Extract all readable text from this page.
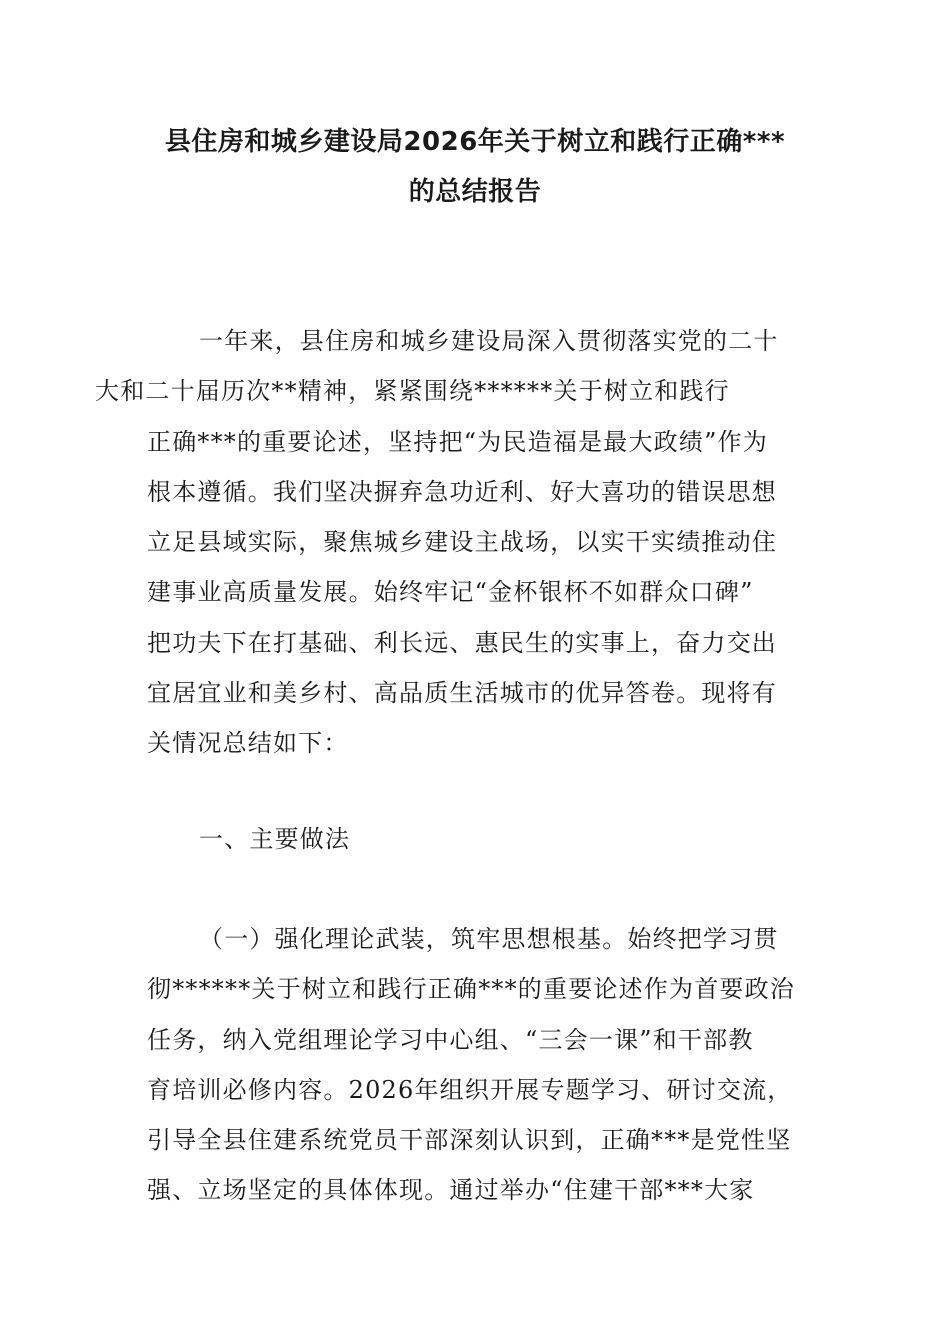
县住房和城乡建设局2026年关于树立和践行正确***
的总结报告

一年来，县住房和城乡建设局深入贯彻落实党的二十
大和二十届历次**精神，紧紧围绕******关于树立和践行
正确***的重要论述，坚持把“为民造福是最大政绩”作为
根本遵循。我们坚决摒弃急功近利、好大喜功的错误思想
立足县域实际，聚焦城乡建设主战场，以实干实绩推动住
建事业高质量发展。始终牢记“金杯银杯不如群众口碑”
把功夫下在打基础、利长远、惠民生的实事上，奋力交出
宜居宜业和美乡村、高品质生活城市的优异答卷。现将有
关情况总结如下：

一、主要做法

（一）强化理论武装，筑牢思想根基。始终把学习贯
彻******关于树立和践行正确***的重要论述作为首要政治
任务，纳入党组理论学习中心组、“三会一课”和干部教
育培训必修内容。2026年组织开展专题学习、研讨交流，
引导全县住建系统党员干部深刻认识到，正确***是党性坚
强、立场坚定的具体体现。通过举办“住建干部***大家
